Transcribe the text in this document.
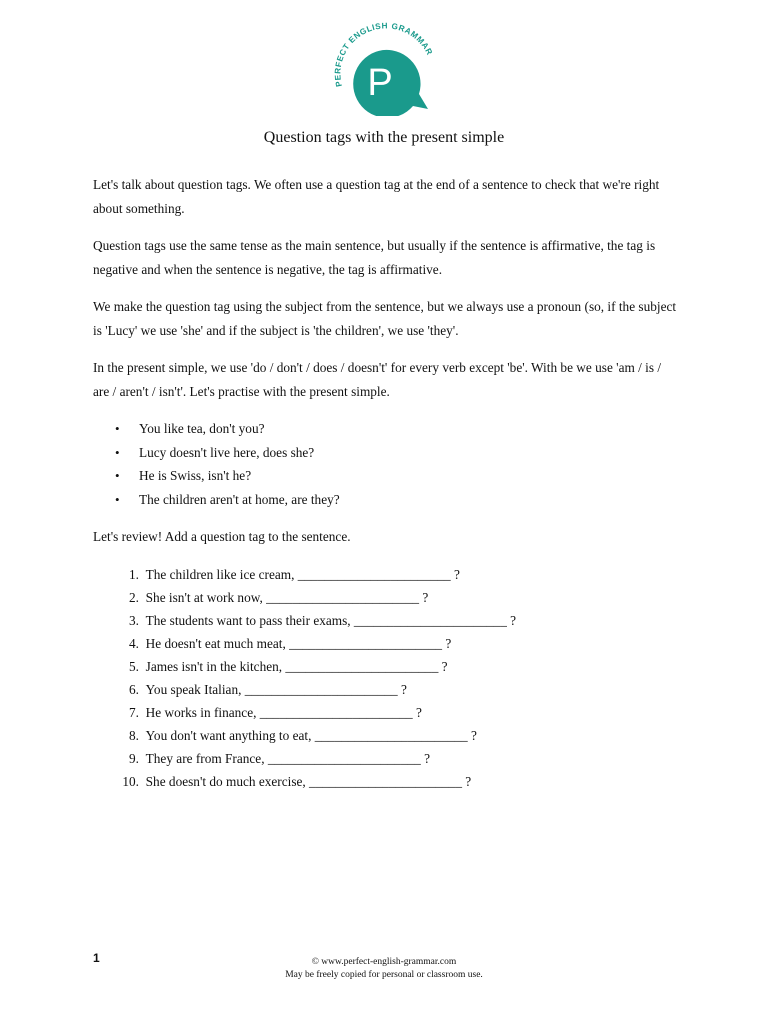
P
PERFECT ENGLISH GRAMMAR
Question tags with the present simple

Let's talk about question tags. We often use a question tag at the end of a sentence to check that we're right about something.

Question tags use the same tense as the main sentence, but usually if the sentence is affirmative, the tag is negative and when the sentence is negative, the tag is affirmative.

We make the question tag using the subject from the sentence, but we always use a pronoun (so, if the subject is 'Lucy' we use 'she' and if the subject is 'the children', we use 'they'.

In the present simple, we use 'do / don't / does / doesn't' for every verb except 'be'. With be we use 'am / is / are / aren't / isn't'. Let's practise with the present simple.

• You like tea, don't you?
• Lucy doesn't live here, does she?
• He is Swiss, isn't he?
• The children aren't at home, are they?

Let's review! Add a question tag to the sentence.

1.
The children like ice cream, _______________________ ?
2.
She isn't at work now, _______________________ ?
3.
The students want to pass their exams, _______________________ ?
4.
He doesn't eat much meat, _______________________ ?
5.
James isn't in the kitchen, _______________________ ?
6.
You speak Italian, _______________________ ?
7.
He works in finance, _______________________ ?
8.
You don't want anything to eat, _______________________ ?
9.
They are from France, _______________________ ?
10.
She doesn't do much exercise, _______________________ ?
1	© www.perfect-english-grammar.com
May be freely copied for personal or classroom use.
